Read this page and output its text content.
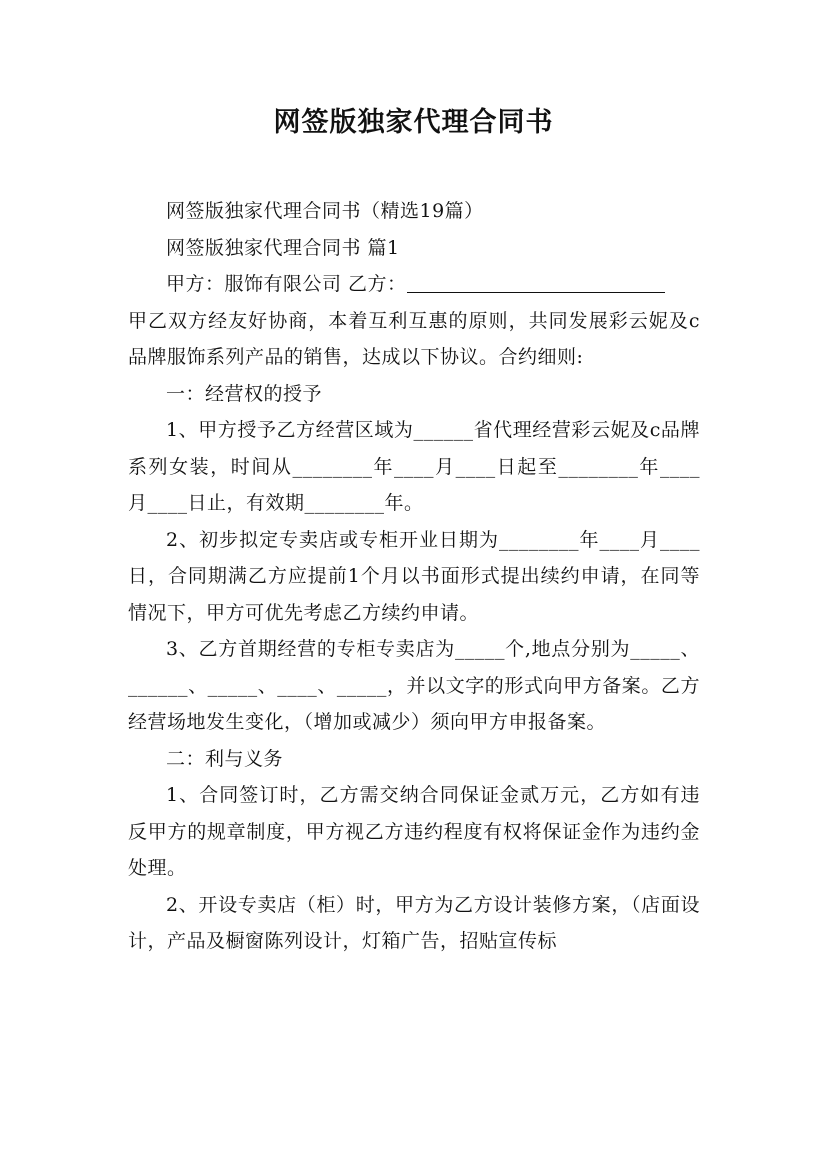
网签版独家代理合同书

网签版独家代理合同书（精选19篇）

网签版独家代理合同书 篇1

甲方：服饰有限公司 乙方：

甲乙双方经友好协商，本着互利互惠的原则，共同发展彩云妮及c品牌服饰系列产品的销售，达成以下协议。合约细则:

一：经营权的授予

1、甲方授予乙方经营区域为______省代理经营彩云妮及c品牌系列女装，时间从________年____月____日起至________年____月____日止，有效期________年。

2、初步拟定专卖店或专柜开业日期为________年____月____日，合同期满乙方应提前1个月以书面形式提出续约申请，在同等情况下，甲方可优先考虑乙方续约申请。

3、乙方首期经营的专柜专卖店为_____个,地点分别为_____、______、_____、____、_____，并以文字的形式向甲方备案。乙方经营场地发生变化，（增加或减少）须向甲方申报备案。

二：利与义务

1、合同签订时，乙方需交纳合同保证金贰万元，乙方如有违反甲方的规章制度，甲方视乙方违约程度有权将保证金作为违约金处理。

2、开设专卖店（柜）时，甲方为乙方设计装修方案，（店面设计，产品及橱窗陈列设计，灯箱广告，招贴宣传标
